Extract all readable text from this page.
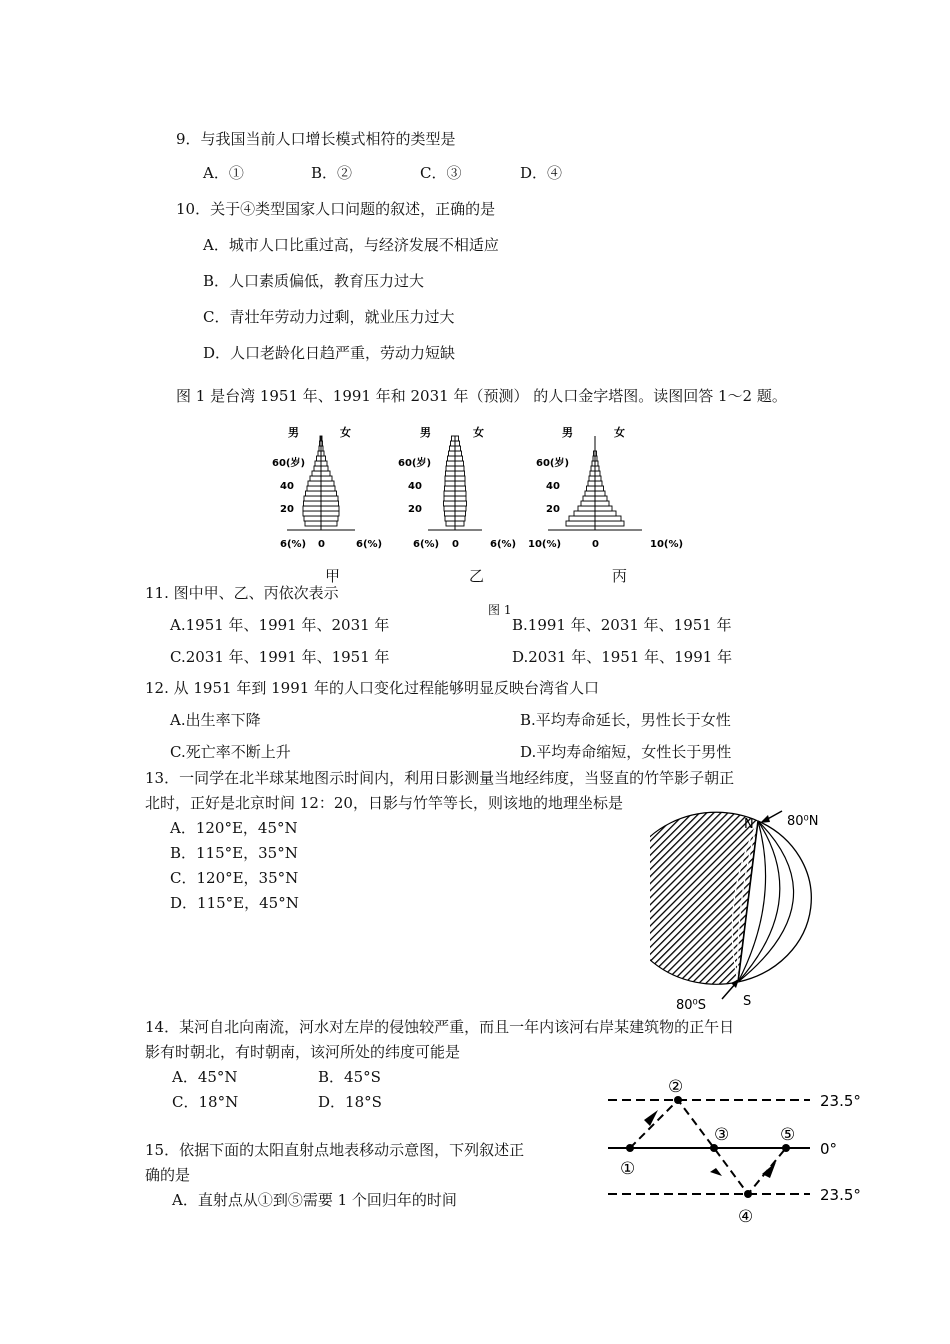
9．与我国当前人口增长模式相符的类型是
A．①	B．②	C．③	D．④
10．关于④类型国家人口问题的叙述，正确的是
A．城市人口比重过高，与经济发展不相适应
B．人口素质偏低，教育压力过大
C．青壮年劳动力过剩，就业压力过大
D．人口老龄化日趋严重，劳动力短缺
图 1 是台湾 1951 年、1991 年和 2031 年（预测） 的人口金字塔图。读图回答 1～2 题。
男	女
60(岁)
40
20
6(%) 0	6(%)
男	女
60(岁)
40
20
6(%) 0	6(%)
男	女
60(岁)
40
20
10(%)	0	10(%)
甲	乙	丙
图 1
11. 图中甲、乙、丙依次表示
A.1951 年、1991 年、2031 年	B.1991 年、2031 年、1951 年
C.2031 年、1991 年、1951 年	D.2031 年、1951 年、1991 年
12. 从 1951 年到 1991 年的人口变化过程能够明显反映台湾省人口
A.出生率下降	B.平均寿命延长，男性长于女性
C.死亡率不断上升	D.平均寿命缩短，女性长于男性
13．一同学在北半球某地图示时间内，利用日影测量当地经纬度，当竖直的竹竿影子朝正
北时，正好是北京时间 12：20，日影与竹竿等长，则该地的地理坐标是
A．120°E，45°N
B．115°E，35°N
C．120°E，35°N
D．115°E，45°N
N	80⁰N
80⁰S	S
14．某河自北向南流，河水对左岸的侵蚀较严重，而且一年内该河右岸某建筑物的正午日
影有时朝北，有时朝南，该河所处的纬度可能是
A．45°N	B．45°S
C．18°N	D．18°S
15．依据下面的太阳直射点地表移动示意图，下列叙述正
确的是
A．直射点从①到⑤需要 1 个回归年的时间
23.5°
0°
23.5°
①
②
③
④
⑤
